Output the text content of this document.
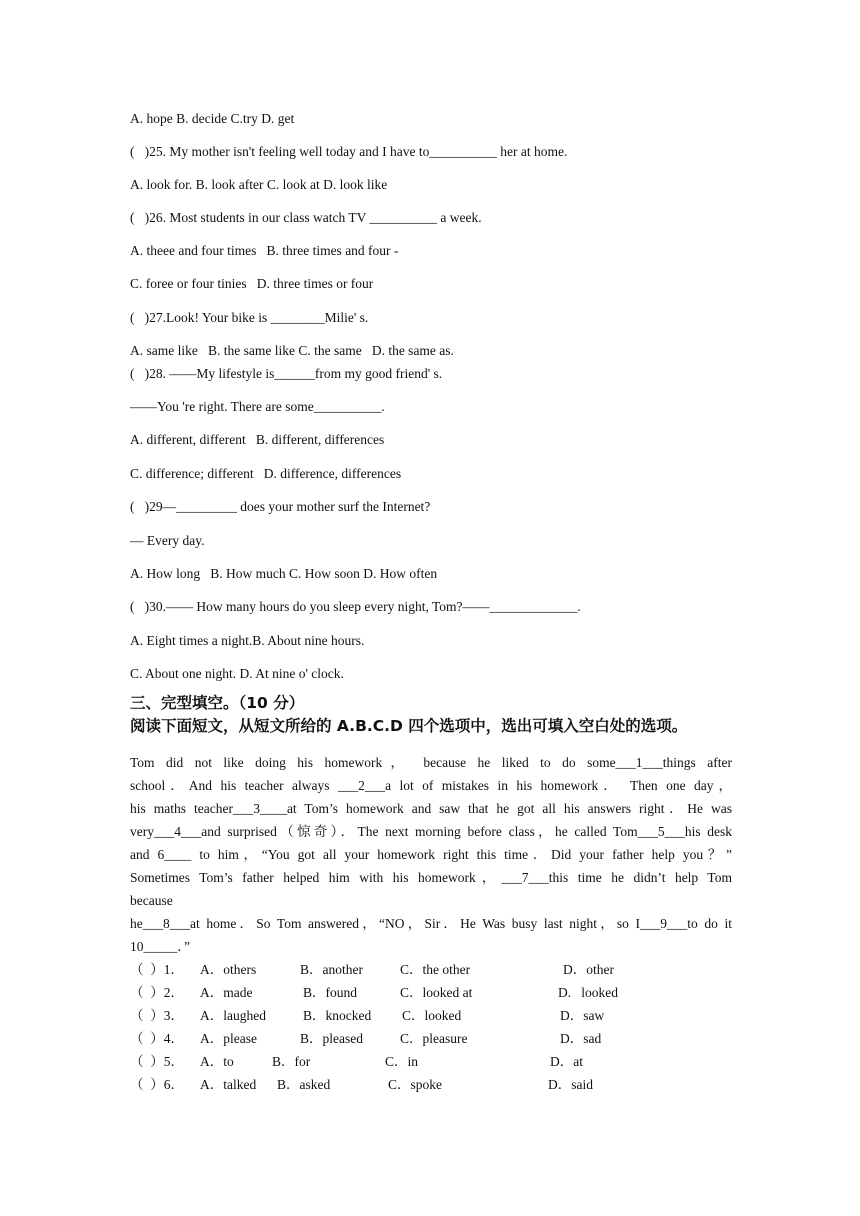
A. hope B. decide C.try D. get
(   )25. My mother isn't feeling well today and I have to__________ her at home.
A. look for. B. look after C. look at D. look like
(   )26. Most students in our class watch TV __________ a week.
A. theee and four times   B. three times and four -
C. foree or four tinies   D. three times or four
(   )27.Look! Your bike is ________Milie' s.
A. same like   B. the same like C. the same   D. the same as.
(   )28. ——My lifestyle is______from my good friend' s.
——You 're right. There are some__________.
A. different, different   B. different, differences
C. difference; different   D. difference, differences
(   )29—_________ does your mother surf the Internet?
— Every day.
A. How long   B. How much C. How soon D. How often
(   )30.—— How many hours do you sleep every night, Tom?——_____________.
A. Eight times a night.B. About nine hours.
C. About one night. D. At nine o' clock.
三、完型填空。（10 分）
阅读下面短文，从短文所给的 A.B.C.D 四个选项中，选出可填入空白处的选项。
Tom did not like doing his homework， because he liked to do some___1___things after
school．And his teacher always ___2___a lot of mistakes in his homework． Then one day，
his maths teacher___3____at Tom’s homework and saw that he got all his answers right．He was
very___4___and surprised（惊奇）．The next morning before class，he called Tom___5___his desk
and 6____ to him，“You got all your homework right this time．Did your father help you？”
Sometimes Tom’s father helped him with his homework，___7___this time he didn’t help Tom
because
he___8___at home．So Tom answered，“NO，Sir．He Was busy last night，so I___9___to do it
10_____．”
（  ）1． A．others	B．another	C．the other	D．other
（  ）2． A．made	B．found	C．looked at	D.   looked
（  ）3． A．laughed	B．knocked C．looked	D．saw
（  ）4． A．please	B．pleased	C．pleasure	D．sad
（  ）5． A．to	B．for	C．in	D．at
（  ）6． A．talked B．asked	C．spoke	D．said
